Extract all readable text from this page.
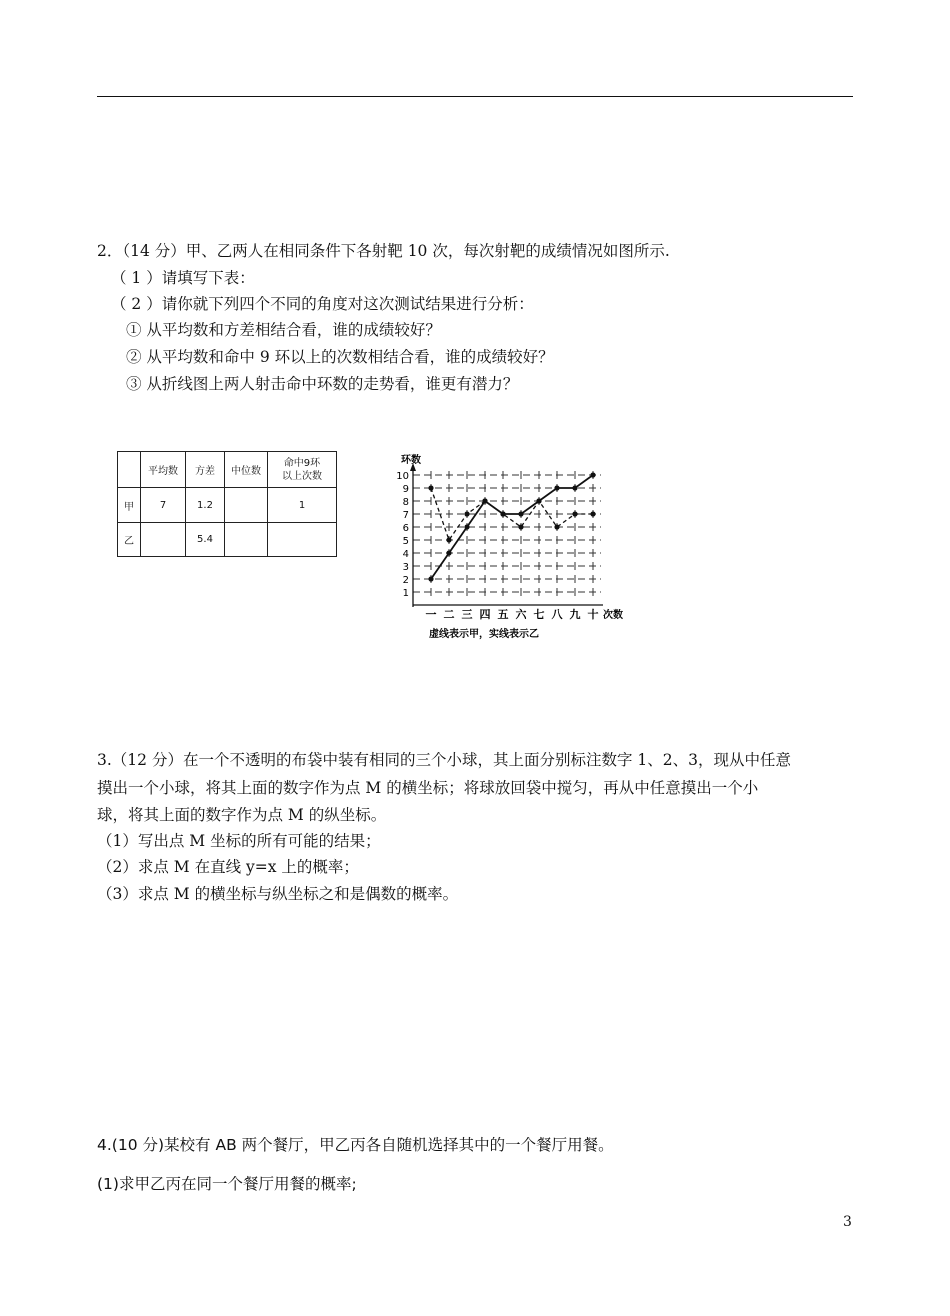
2．（14 分）甲、乙两人在相同条件下各射靶 10 次，每次射靶的成绩情况如图所示.
（ 1 ）请填写下表：
（ 2 ）请你就下列四个不同的角度对这次测试结果进行分析：
① 从平均数和方差相结合看，谁的成绩较好？
② 从平均数和命中 9 环以上的次数相结合看，谁的成绩较好？
③ 从折线图上两人射击命中环数的走势看，谁更有潜力？
	平均数	方差	中位数	命中9环
以上次数

甲	7	1.2		1
乙		5.4		
1
2
3
4
5
6
7
8
9
10
环数
一 二 三 四 五 六 七 八 九 十 次数
虚线表示甲，实线表示乙
3.（12 分）在一个不透明的布袋中装有相同的三个小球，其上面分别标注数字 1、2、3，现从中任意
摸出一个小球，将其上面的数字作为点 M 的横坐标；将球放回袋中搅匀，再从中任意摸出一个小
球，将其上面的数字作为点 M 的纵坐标。
（1）写出点 M 坐标的所有可能的结果；
（2）求点 M 在直线 y=x 上的概率；
（3）求点 M 的横坐标与纵坐标之和是偶数的概率。
4.(10 分)某校有 AB 两个餐厅，甲乙丙各自随机选择其中的一个餐厅用餐。
(1)求甲乙丙在同一个餐厅用餐的概率;
3
